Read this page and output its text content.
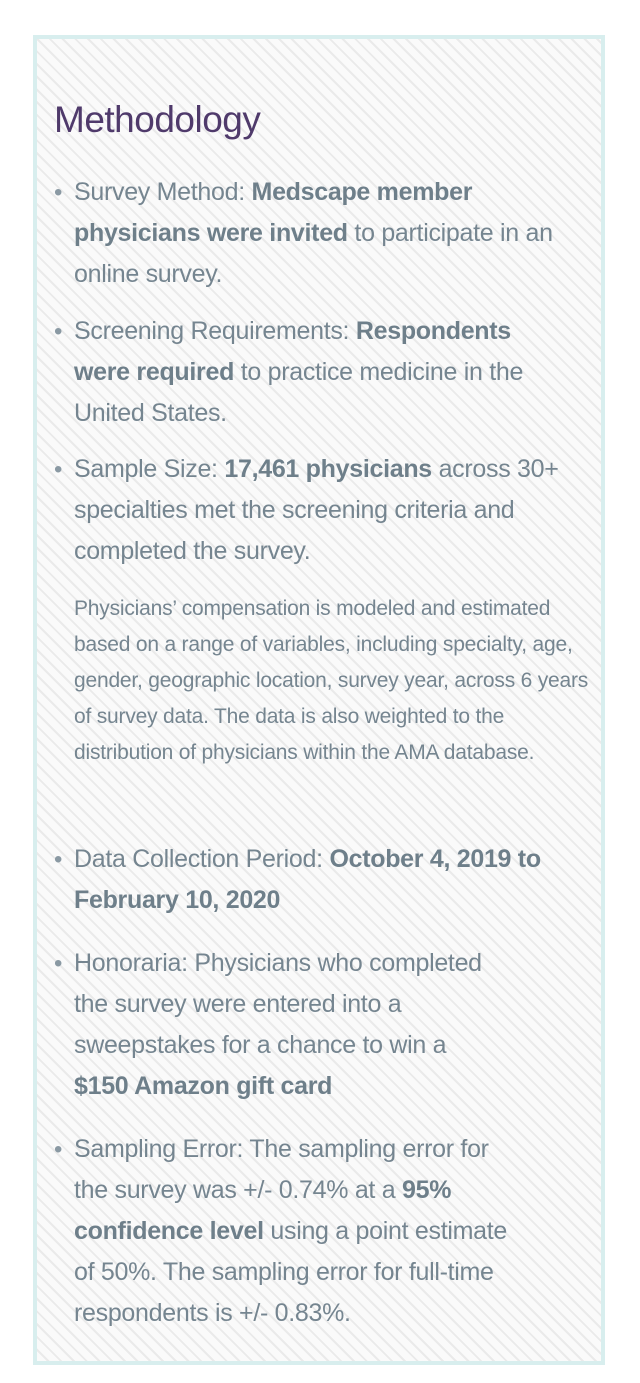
Methodology
• Survey Method: Medscape member physicians were invited to participate in an online survey.
• Screening Requirements: Respondents were required to practice medicine in the United States.
• Sample Size: 17,461 physicians across 30+ specialties met the screening criteria and completed the survey.
Physicians’ compensation is modeled and estimated based on a range of variables, including specialty, age, gender, geographic location, survey year, across 6 years of survey data. The data is also weighted to the distribution of physicians within the AMA database.
• Data Collection Period: October 4, 2019 to February 10, 2020
• Honoraria: Physicians who completed the survey were entered into a sweepstakes for a chance to win a $150 Amazon gift card
• Sampling Error: The sampling error for the survey was +/- 0.74% at a 95% confidence level using a point estimate of 50%. The sampling error for full-time respondents is +/- 0.83%.
